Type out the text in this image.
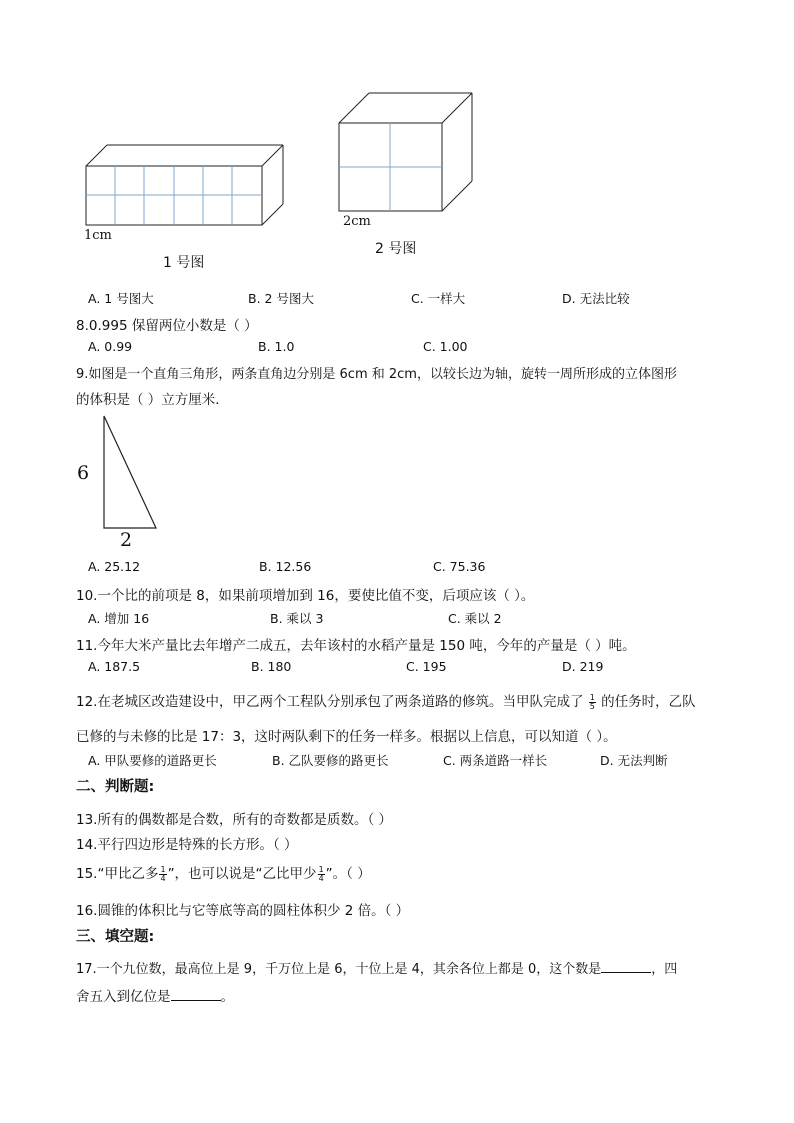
1cm
1 号图
2cm
2 号图
A. 1 号图大	B. 2 号图大	C. 一样大	D. 无法比较
8.0.995 保留两位小数是（ ）
A. 0.99	B. 1.0	C. 1.00
9.如图是一个直角三角形，两条直角边分别是 6cm 和 2cm，以较长边为轴，旋转一周所形成的立体图形
的体积是（ ）立方厘米．
6
2
A. 25.12	B. 12.56	C. 75.36
10.一个比的前项是 8，如果前项增加到 16，要使比值不变，后项应该（ ）。
A. 增加 16	B. 乘以 3	C. 乘以 2
11.今年大米产量比去年增产二成五，去年该村的水稻产量是 150 吨，今年的产量是（ ）吨。
A. 187.5	B. 180	C. 195	D. 219
12.在老城区改造建设中，甲乙两个工程队分别承包了两条道路的修筑。当甲队完成了 $\frac{1}{5}$ 的任务时，乙队
已修的与未修的比是 17：3，这时两队剩下的任务一样多。根据以上信息，可以知道（ ）。
A. 甲队要修的道路更长	B. 乙队要修的路更长	C. 两条道路一样长	D. 无法判断
二、判断题:
13.所有的偶数都是合数，所有的奇数都是质数。（ ）
14.平行四边形是特殊的长方形。（ ）
15.“甲比乙多 $\frac{1}{4}$ ”，也可以说是“乙比甲少 $\frac{1}{4}$ ”。（ ）
16.圆锥的体积比与它等底等高的圆柱体积少 2 倍。（ ）
三、填空题:
17.一个九位数，最高位上是 9，千万位上是 6，十位上是 4，其余各位上都是 0，这个数是	，四
舍五入到亿位是	。
